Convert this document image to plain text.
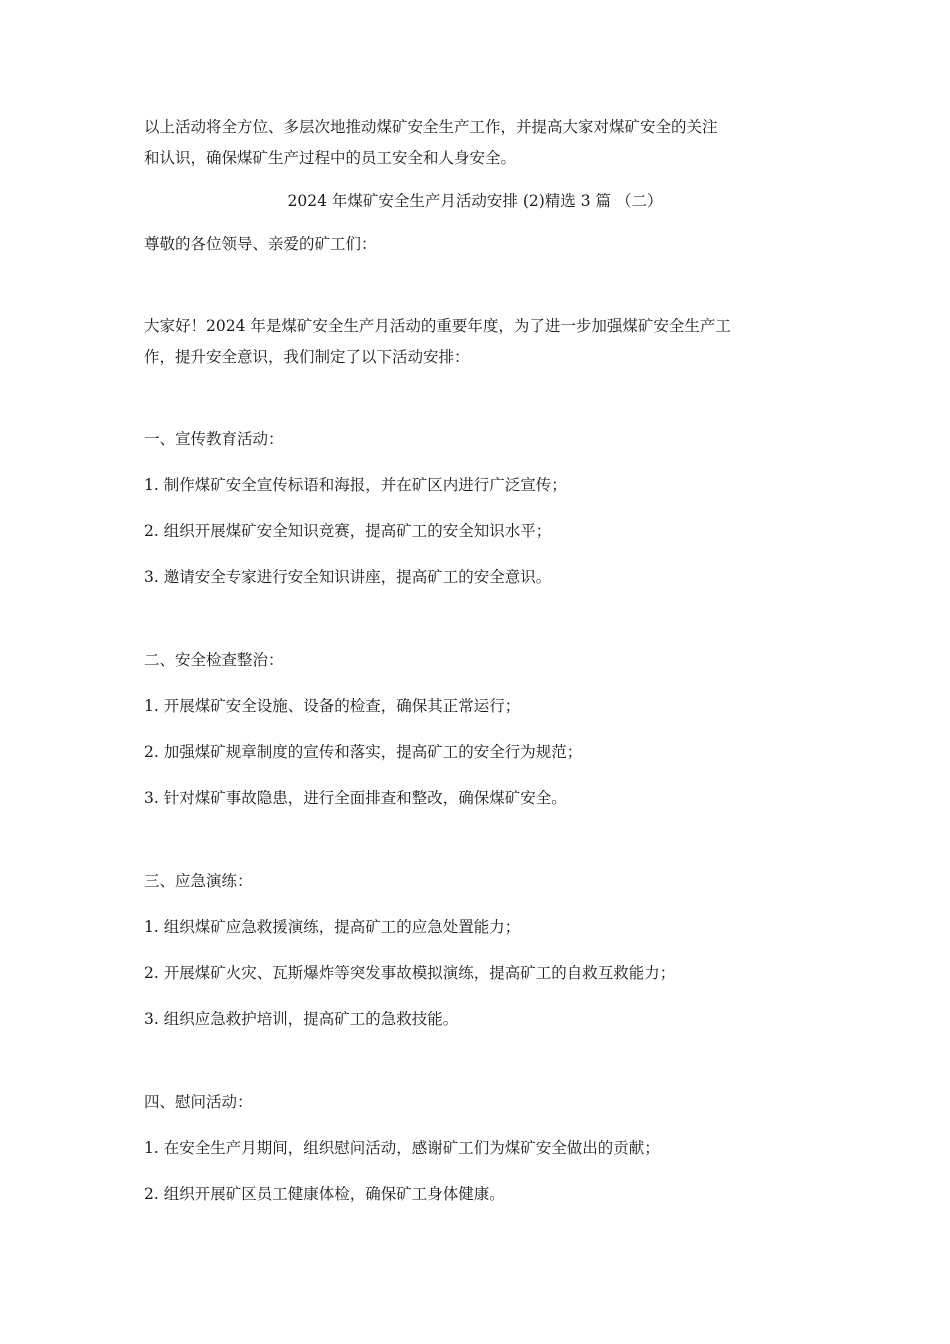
以上活动将全方位、多层次地推动煤矿安全生产工作，并提高大家对煤矿安全的关注
和认识，确保煤矿生产过程中的员工安全和人身安全。
2024 年煤矿安全生产月活动安排 (2)精选 3 篇 （二）
尊敬的各位领导、亲爱的矿工们：
大家好！2024 年是煤矿安全生产月活动的重要年度，为了进一步加强煤矿安全生产工
作，提升安全意识，我们制定了以下活动安排：
一、宣传教育活动：
1. 制作煤矿安全宣传标语和海报，并在矿区内进行广泛宣传；
2. 组织开展煤矿安全知识竞赛，提高矿工的安全知识水平；
3. 邀请安全专家进行安全知识讲座，提高矿工的安全意识。
二、安全检查整治：
1. 开展煤矿安全设施、设备的检查，确保其正常运行；
2. 加强煤矿规章制度的宣传和落实，提高矿工的安全行为规范；
3. 针对煤矿事故隐患，进行全面排查和整改，确保煤矿安全。
三、应急演练：
1. 组织煤矿应急救援演练，提高矿工的应急处置能力；
2. 开展煤矿火灾、瓦斯爆炸等突发事故模拟演练，提高矿工的自救互救能力；
3. 组织应急救护培训，提高矿工的急救技能。
四、慰问活动：
1. 在安全生产月期间，组织慰问活动，感谢矿工们为煤矿安全做出的贡献；
2. 组织开展矿区员工健康体检，确保矿工身体健康。
